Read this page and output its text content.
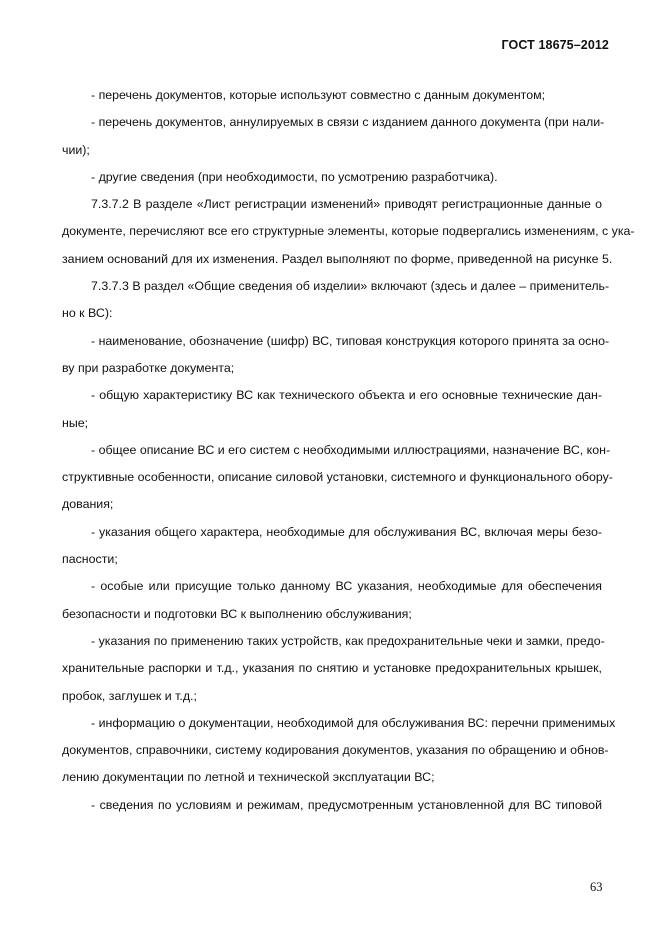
ГОСТ 18675–2012
- перечень документов, которые используют совместно с данным документом;
- перечень документов, аннулируемых в связи с изданием данного документа (при нали-
чии);
- другие сведения (при необходимости, по усмотрению разработчика).
7.3.7.2 В разделе «Лист регистрации изменений» приводят регистрационные данные о
документе, перечисляют все его структурные элементы, которые подвергались изменениям, с ука-
занием оснований для их изменения. Раздел выполняют по форме, приведенной на рисунке 5.
7.3.7.3 В раздел «Общие сведения об изделии» включают (здесь и далее – применитель-
но к ВС):
- наименование, обозначение (шифр) ВС, типовая конструкция которого принята за осно-
ву при разработке документа;
- общую характеристику ВС как технического объекта и его основные технические дан-
ные;
- общее описание ВС и его систем с необходимыми иллюстрациями, назначение ВС, кон-
структивные особенности, описание силовой установки, системного и функционального обору-
дования;
- указания общего характера, необходимые для обслуживания ВС, включая меры безо-
пасности;
- особые или присущие только данному ВС указания, необходимые для обеспечения
безопасности и подготовки ВС к выполнению обслуживания;
- указания по применению таких устройств, как предохранительные чеки и замки, предо-
хранительные распорки и т.д., указания по снятию и установке предохранительных крышек,
пробок, заглушек и т.д.;
- информацию о документации, необходимой для обслуживания ВС: перечни применимых
документов, справочники, систему кодирования документов, указания по обращению и обнов-
лению документации по летной и технической эксплуатации ВС;
- сведения по условиям и режимам, предусмотренным установленной для ВС типовой
63
